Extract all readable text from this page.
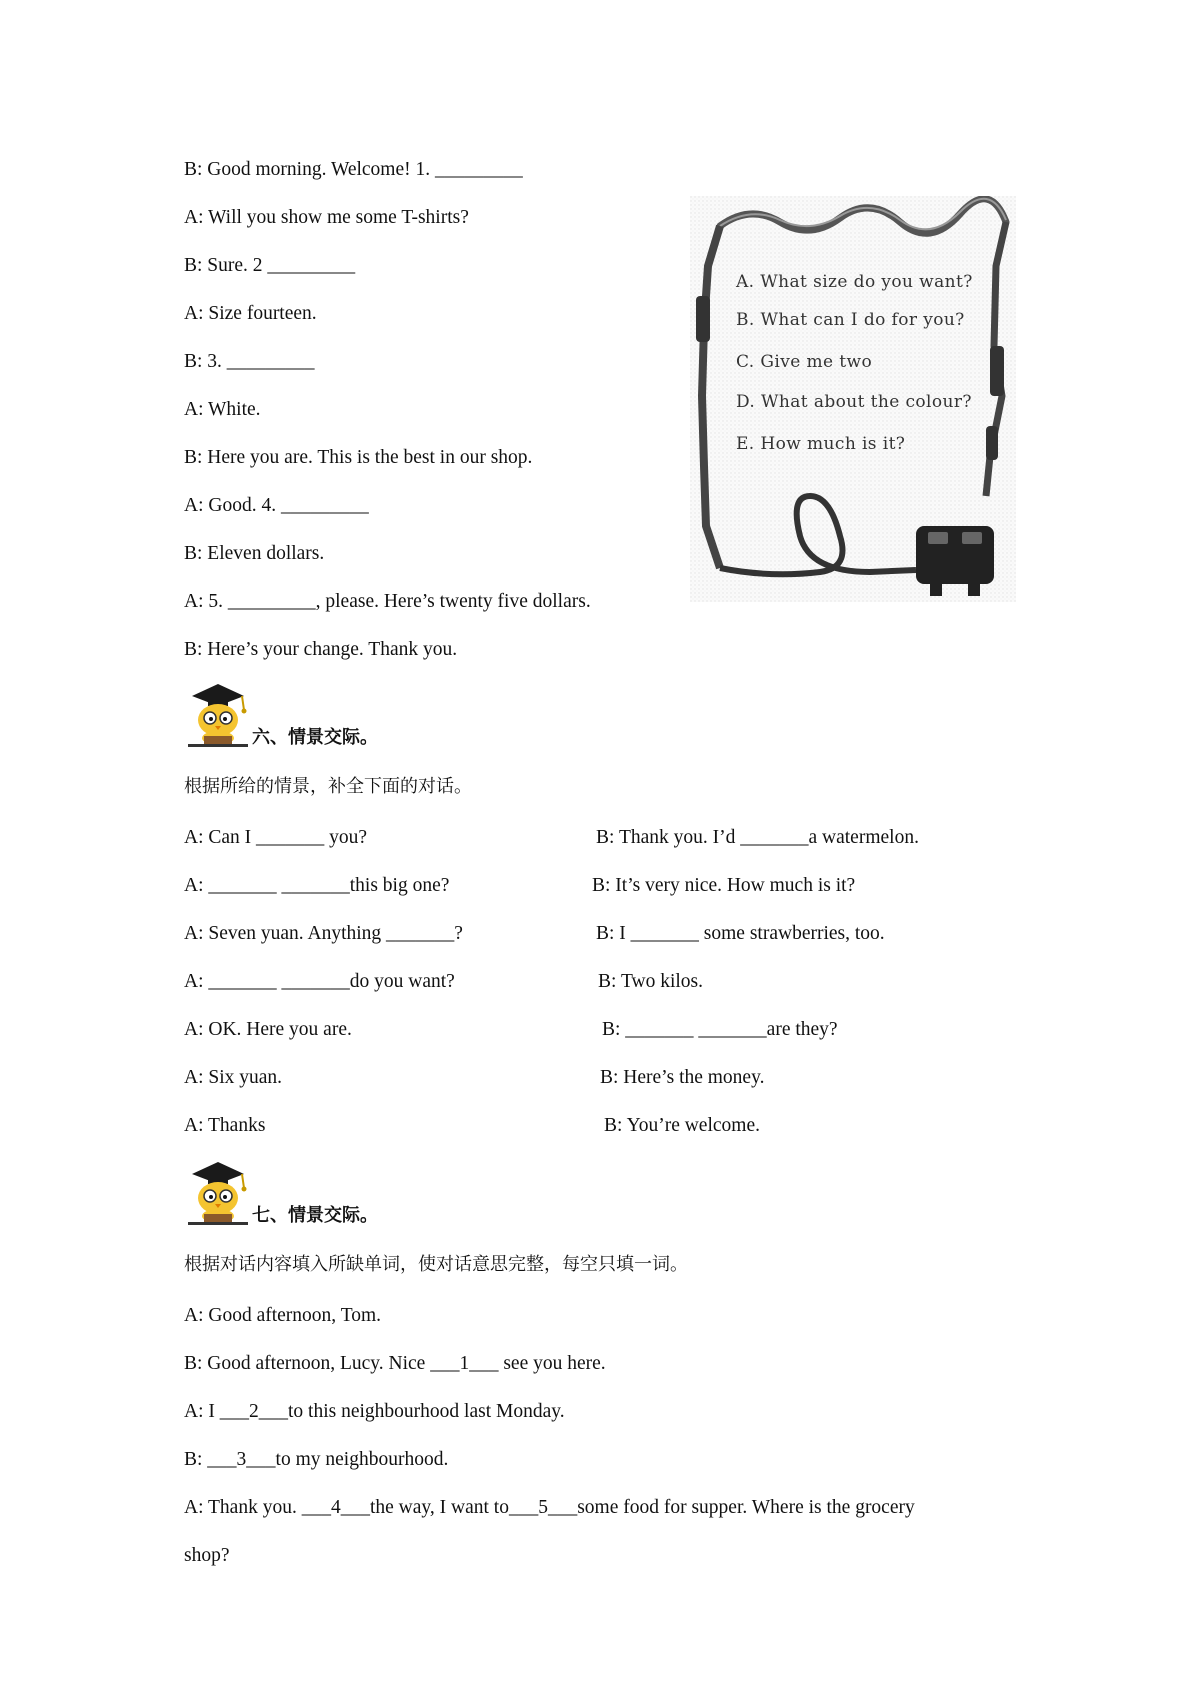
B: Good morning. Welcome! 1. _________
A: Will you show me some T-shirts?
B: Sure. 2 _________
A: Size fourteen.
B: 3. _________
A: White.
B: Here you are. This is the best in our shop.
A: Good. 4. _________
B: Eleven dollars.
A: 5. _________, please. Here’s twenty five dollars.
B: Here’s your change. Thank you.
A. What size do you want?
B. What can I do for you?
C. Give me two
D. What about the colour?
E. How much is it?
六、情景交际。
根据所给的情景，补全下面的对话。
A: Can I _______ you?	B: Thank you. I’d _______a watermelon.
A: _______ _______this big one?	B: It’s very nice. How much is it?
A: Seven yuan. Anything _______?	B: I _______ some strawberries, too.
A: _______ _______do you want?	B: Two kilos.
A: OK. Here you are.	B: _______ _______are they?
A: Six yuan.	B: Here’s the money.
A: Thanks	B: You’re welcome.
七、情景交际。
根据对话内容填入所缺单词，使对话意思完整，每空只填一词。
A: Good afternoon, Tom.
B: Good afternoon, Lucy. Nice ___1___ see you here.
A: I ___2___to this neighbourhood last Monday.
B: ___3___to my neighbourhood.
A: Thank you. ___4___the way, I want to___5___some food for supper. Where is the grocery
shop?
